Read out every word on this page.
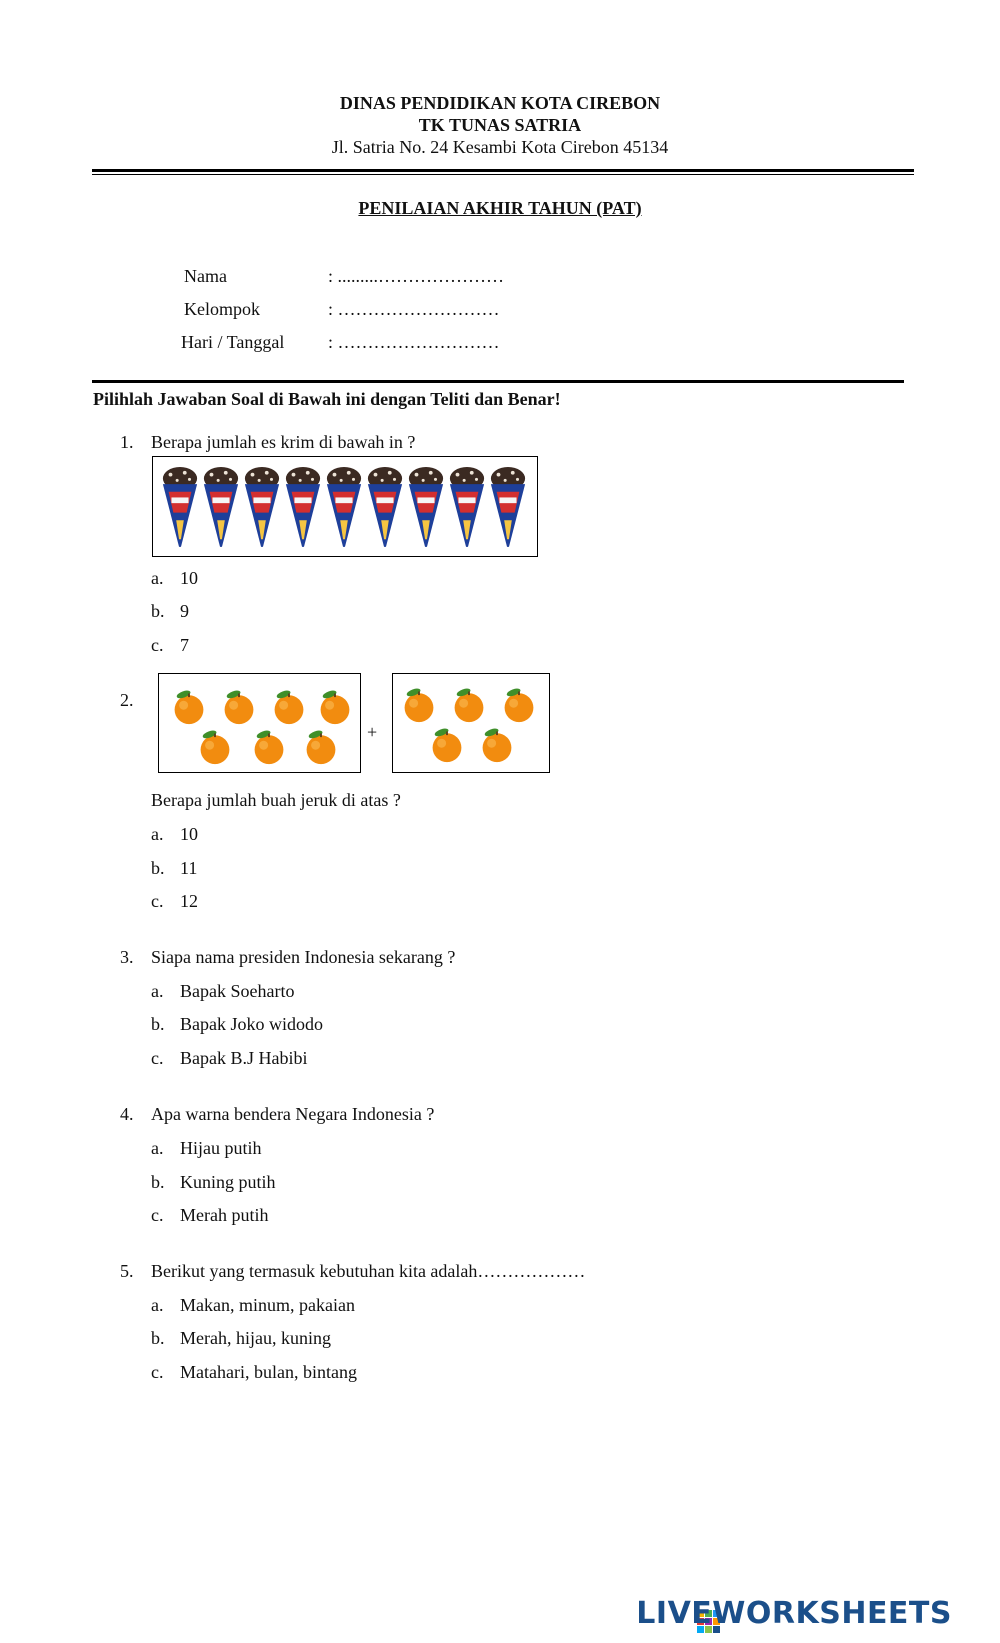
DINAS PENDIDIKAN KOTA CIREBON
TK TUNAS SATRIA
Jl. Satria No. 24 Kesambi Kota Cirebon 45134
PENILAIAN AKHIR TAHUN (PAT)
Nama	: .........…………………
Kelompok	: ………………………
Hari / Tanggal : ………………………
Pilihlah Jawaban Soal di Bawah ini dengan Teliti dan Benar!
1. Berapa jumlah es krim di bawah in ?
a. 10
b. 9
c. 7
2.
+
Berapa jumlah buah jeruk di atas ?
a. 10
b. 11
c. 12
3. Siapa nama presiden Indonesia sekarang ?
a. Bapak Soeharto
b. Bapak Joko widodo
c. Bapak B.J Habibi
4. Apa warna bendera Negara Indonesia ?
a. Hijau putih
b. Kuning putih
c. Merah putih
5. Berikut yang termasuk kebutuhan kita adalah………………
a. Makan, minum, pakaian
b. Merah, hijau, kuning
c. Matahari, bulan, bintang
LIVEWORKSHEETS
